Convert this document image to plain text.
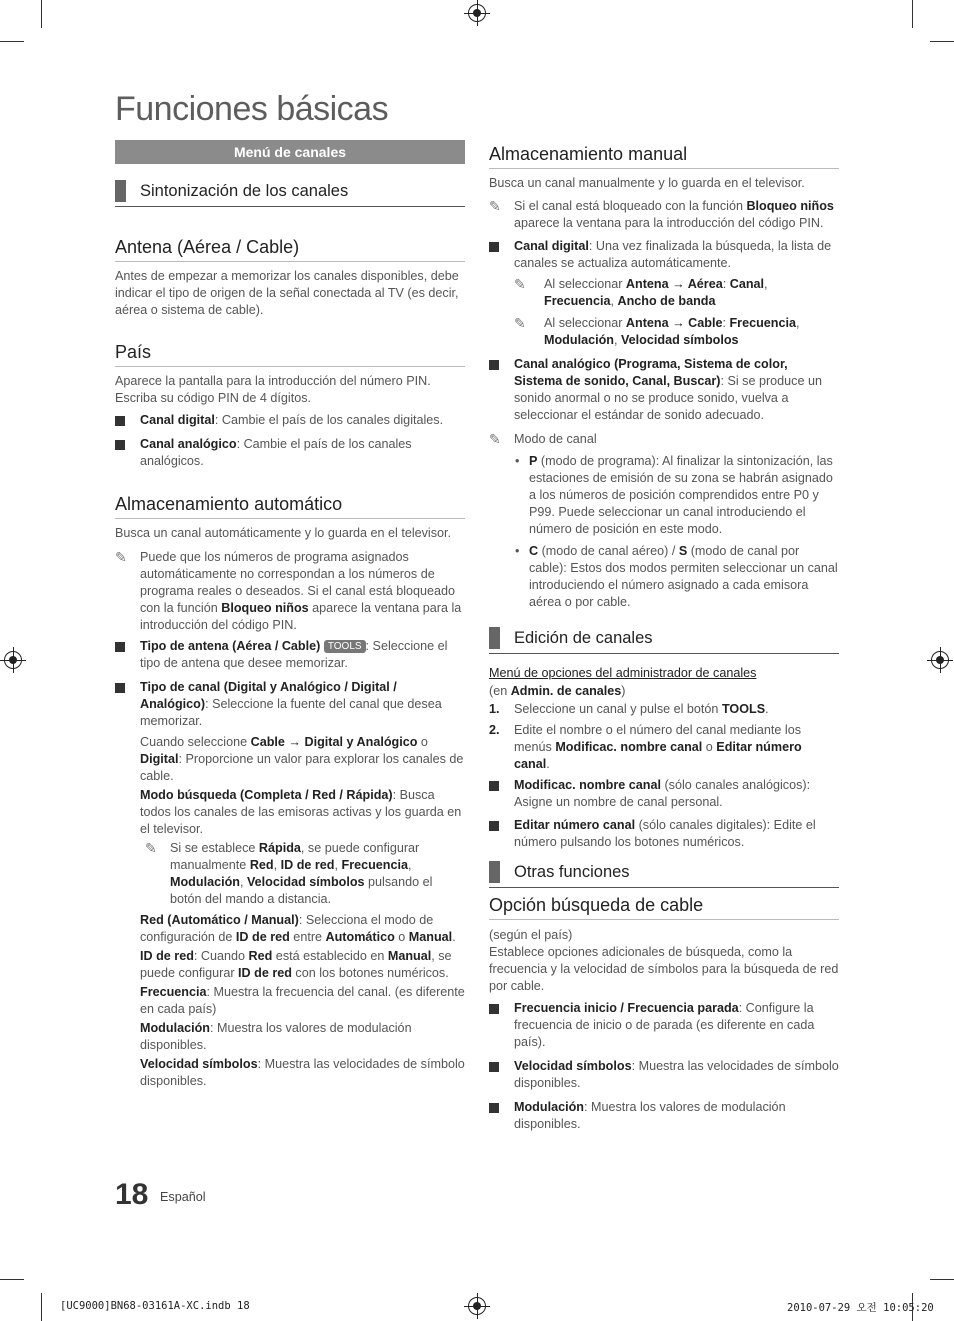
Funciones básicas
Menú de canales
Sintonización de los canales
Antena (Aérea / Cable)
Antes de empezar a memorizar los canales disponibles, debe indicar el tipo de origen de la señal conectada al TV (es decir, aérea o sistema de cable).
País
Aparece la pantalla para la introducción del número PIN. Escriba su código PIN de 4 dígitos.
Canal digital: Cambie el país de los canales digitales.
Canal analógico: Cambie el país de los canales analógicos.
Almacenamiento automático
Busca un canal automáticamente y lo guarda en el televisor.
✎ Puede que los números de programa asignados automáticamente no correspondan a los números de programa reales o deseados. Si el canal está bloqueado con la función Bloqueo niños aparece la ventana para la introducción del código PIN.
Tipo de antena (Aérea / Cable) TOOLS : Seleccione el tipo de antena que desee memorizar.
Tipo de canal (Digital y Analógico / Digital / Analógico): Seleccione la fuente del canal que desea memorizar.
Cuando seleccione Cable → Digital y Analógico o Digital: Proporcione un valor para explorar los canales de cable.
Modo búsqueda (Completa / Red / Rápida): Busca todos los canales de las emisoras activas y los guarda en el televisor.
✎ Si se establece Rápida, se puede configurar manualmente Red, ID de red, Frecuencia, Modulación, Velocidad símbolos pulsando el botón del mando a distancia.
Red (Automático / Manual): Selecciona el modo de configuración de ID de red entre Automático o Manual.
ID de red: Cuando Red está establecido en Manual, se puede configurar ID de red con los botones numéricos.
Frecuencia: Muestra la frecuencia del canal. (es diferente en cada país)
Modulación: Muestra los valores de modulación disponibles.
Velocidad símbolos: Muestra las velocidades de símbolo disponibles.
Almacenamiento manual
Busca un canal manualmente y lo guarda en el televisor.
✎ Si el canal está bloqueado con la función Bloqueo niños aparece la ventana para la introducción del código PIN.
Canal digital: Una vez finalizada la búsqueda, la lista de canales se actualiza automáticamente.
✎ Al seleccionar Antena → Aérea: Canal, Frecuencia, Ancho de banda
✎ Al seleccionar Antena → Cable: Frecuencia, Modulación, Velocidad símbolos
Canal analógico (Programa, Sistema de color, Sistema de sonido, Canal, Buscar): Si se produce un sonido anormal o no se produce sonido, vuelva a seleccionar el estándar de sonido adecuado.
✎ Modo de canal
• P (modo de programa): Al finalizar la sintonización, las estaciones de emisión de su zona se habrán asignado a los números de posición comprendidos entre P0 y P99. Puede seleccionar un canal introduciendo el número de posición en este modo.
• C (modo de canal aéreo) / S (modo de canal por cable): Estos dos modos permiten seleccionar un canal introduciendo el número asignado a cada emisora aérea o por cable.
Edición de canales
Menú de opciones del administrador de canales
(en Admin. de canales)
1. Seleccione un canal y pulse el botón TOOLS.
2. Edite el nombre o el número del canal mediante los menús Modificac. nombre canal o Editar número canal.
Modificac. nombre canal (sólo canales analógicos): Asigne un nombre de canal personal.
Editar número canal (sólo canales digitales): Edite el número pulsando los botones numéricos.
Otras funciones
Opción búsqueda de cable
(según el país)
Establece opciones adicionales de búsqueda, como la frecuencia y la velocidad de símbolos para la búsqueda de red por cable.
Frecuencia inicio / Frecuencia parada: Configure la frecuencia de inicio o de parada (es diferente en cada país).
Velocidad símbolos: Muestra las velocidades de símbolo disponibles.
Modulación: Muestra los valores de modulación disponibles.
18 Español
[UC9000]BN68-03161A-XC.indb 18	2010-07-29 오전 10:05:20
